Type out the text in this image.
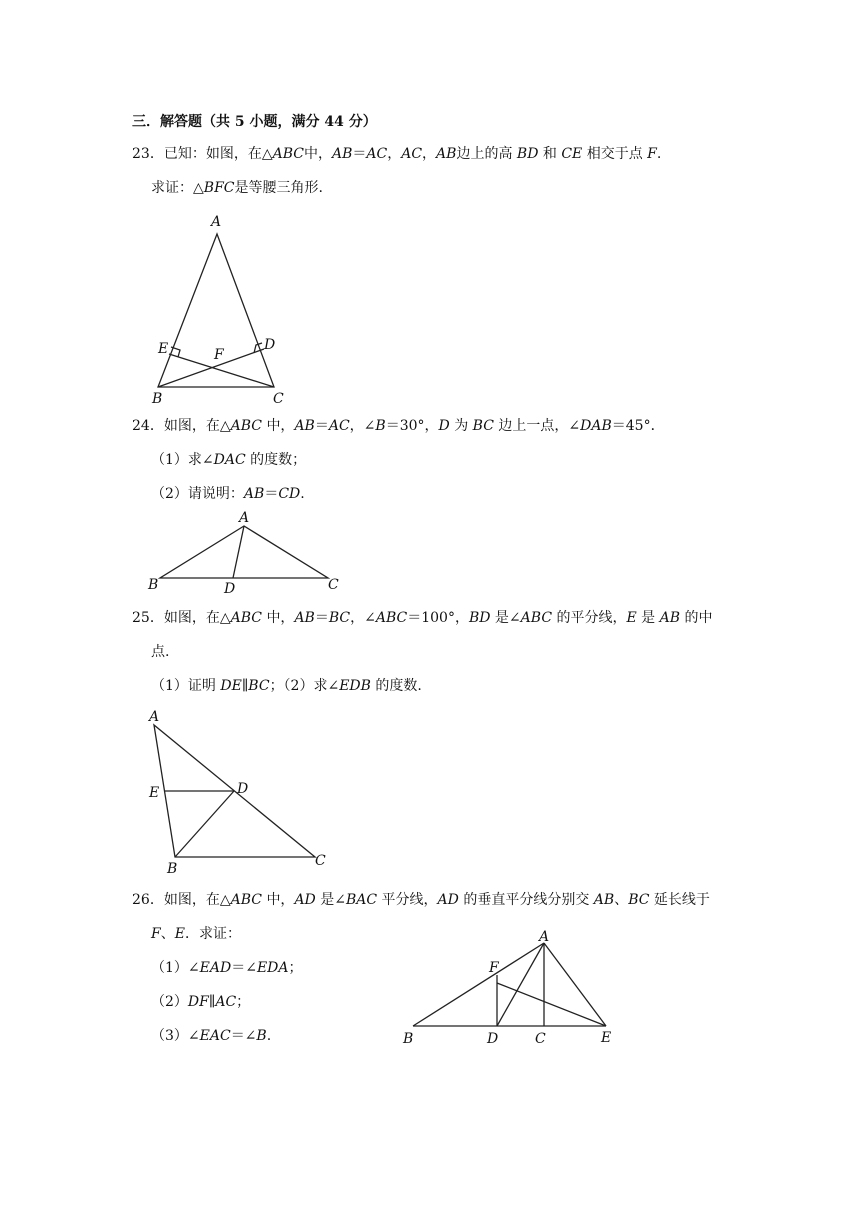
三．解答题（共 5 小题，满分 44 分）
23．已知：如图，在△ABC中，AB＝AC，AC，AB边上的高 BD 和 CE 相交于点 F.
求证：△BFC是等腰三角形.
A
B	C
D
E	F
24．如图，在△ABC 中，AB＝AC，∠B＝30°，D 为 BC 边上一点，∠DAB＝45°．
（1）求∠DAC 的度数；
（2）请说明：AB＝CD.
A
B	C
D
25．如图，在△ABC 中，AB＝BC，∠ABC＝100°，BD 是∠ABC 的平分线，E 是 AB 的中
点.
（1）证明 DE∥BC；（2）求∠EDB 的度数.
A
B	C
D
E
26．如图，在△ABC 中，AD 是∠BAC 平分线，AD 的垂直平分线分别交 AB、BC 延长线于
F、E．求证：
（1）∠EAD＝∠EDA；
（2）DF∥AC；
（3）∠EAC＝∠B.
A
B	C
D	E
F
